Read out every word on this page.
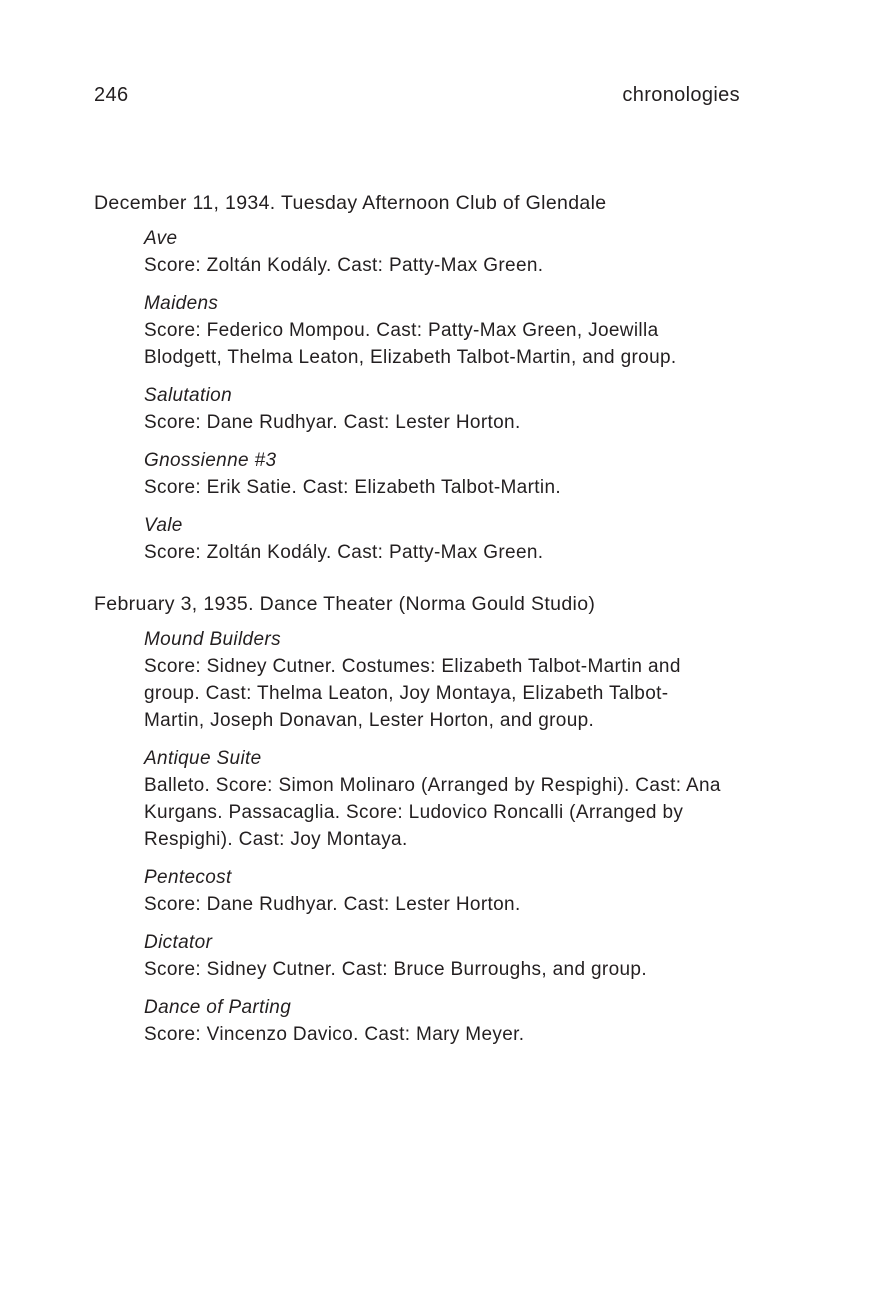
246	chronologies
December 11, 1934. Tuesday Afternoon Club of Glendale
Ave
Score: Zoltán Kodály. Cast: Patty-Max Green.
Maidens
Score: Federico Mompou. Cast: Patty-Max Green, Joewilla Blodgett, Thelma Leaton, Elizabeth Talbot-Martin, and group.
Salutation
Score: Dane Rudhyar. Cast: Lester Horton.
Gnossienne #3
Score: Erik Satie. Cast: Elizabeth Talbot-Martin.
Vale
Score: Zoltán Kodály. Cast: Patty-Max Green.
February 3, 1935. Dance Theater (Norma Gould Studio)
Mound Builders
Score: Sidney Cutner. Costumes: Elizabeth Talbot-Martin and group. Cast: Thelma Leaton, Joy Montaya, Elizabeth Talbot-Martin, Joseph Donavan, Lester Horton, and group.
Antique Suite
Balleto. Score: Simon Molinaro (Arranged by Respighi). Cast: Ana Kurgans. Passacaglia. Score: Ludovico Roncalli (Arranged by Respighi). Cast: Joy Montaya.
Pentecost
Score: Dane Rudhyar. Cast: Lester Horton.
Dictator
Score: Sidney Cutner. Cast: Bruce Burroughs, and group.
Dance of Parting
Score: Vincenzo Davico. Cast: Mary Meyer.
